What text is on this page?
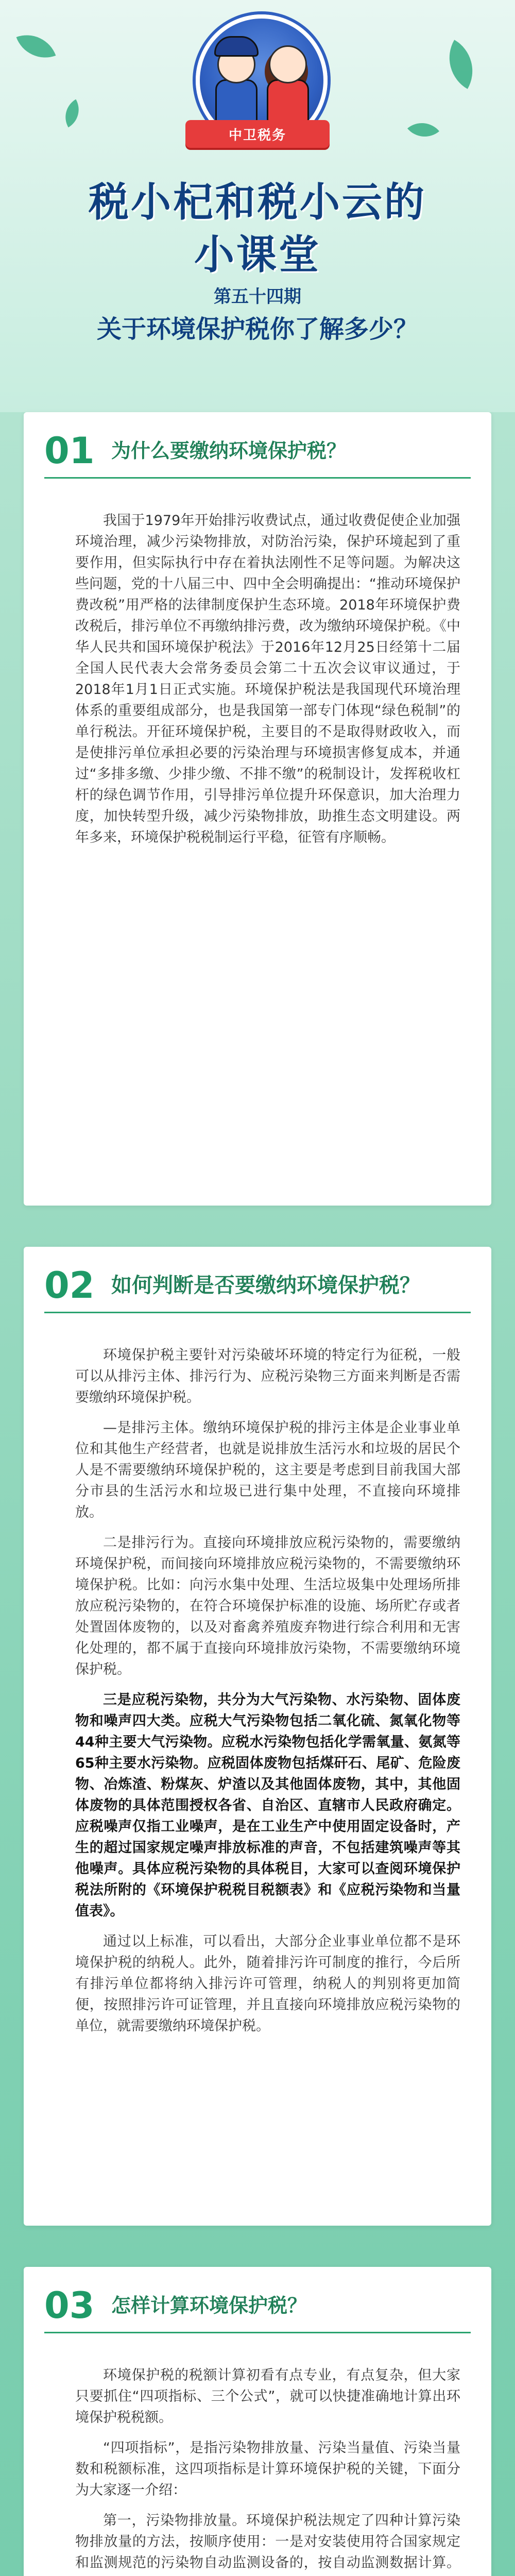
中卫税务
税小杞和税小云的
小课堂
第五十四期
关于环境保护税你了解多少？
01 为什么要缴纳环境保护税？

我国于1979年开始排污收费试点，通过收费促使企业加强环境治理，减少污染物排放，对防治污染，保护环境起到了重要作用，但实际执行中存在着执法刚性不足等问题。为解决这些问题，党的十八届三中、四中全会明确提出：“推动环境保护费改税”用严格的法律制度保护生态环境。2018年环境保护费改税后，排污单位不再缴纳排污费，改为缴纳环境保护税。《中华人民共和国环境保护税法》于2016年12月25日经第十二届全国人民代表大会常务委员会第二十五次会议审议通过，于2018年1月1日正式实施。环境保护税法是我国现代环境治理体系的重要组成部分，也是我国第一部专门体现“绿色税制”的单行税法。开征环境保护税，主要目的不是取得财政收入，而是使排污单位承担必要的污染治理与环境损害修复成本，并通过“多排多缴、少排少缴、不排不缴”的税制设计，发挥税收杠杆的绿色调节作用，引导排污单位提升环保意识，加大治理力度，加快转型升级，减少污染物排放，助推生态文明建设。两年多来，环境保护税税制运行平稳，征管有序顺畅。

02 如何判断是否要缴纳环境保护税？

环境保护税主要针对污染破坏环境的特定行为征税，一般可以从排污主体、排污行为、应税污染物三方面来判断是否需要缴纳环境保护税。

—是排污主体。缴纳环境保护税的排污主体是企业事业单位和其他生产经营者，也就是说排放生活污水和垃圾的居民个人是不需要缴纳环境保护税的，这主要是考虑到目前我国大部分市县的生活污水和垃圾已进行集中处理，不直接向环境排放。

二是排污行为。直接向环境排放应税污染物的，需要缴纳环境保护税，而间接向环境排放应税污染物的，不需要缴纳环境保护税。比如：向污水集中处理、生活垃圾集中处理场所排放应税污染物的，在符合环境保护标准的设施、场所贮存或者处置固体废物的，以及对畜禽养殖废弃物进行综合利用和无害化处理的，都不属于直接向环境排放污染物，不需要缴纳环境保护税。

三是应税污染物，共分为大气污染物、水污染物、固体废物和噪声四大类。应税大气污染物包括二氧化硫、氮氧化物等44种主要大气污染物。应税水污染物包括化学需氧量、氨氮等65种主要水污染物。应税固体废物包括煤矸石、尾矿、危险废物、冶炼渣、粉煤灰、炉渣以及其他固体废物，其中，其他固体废物的具体范围授权各省、自治区、直辖市人民政府确定。应税噪声仅指工业噪声，是在工业生产中使用固定设备时，产生的超过国家规定噪声排放标准的声音，不包括建筑噪声等其他噪声。具体应税污染物的具体税目，大家可以查阅环境保护税法所附的《环境保护税税目税额表》和《应税污染物和当量值表》。

通过以上标准，可以看出，大部分企业事业单位都不是环境保护税的纳税人。此外，随着排污许可制度的推行，今后所有排污单位都将纳入排污许可管理，纳税人的判别将更加简便，按照排污许可证管理，并且直接向环境排放应税污染物的单位，就需要缴纳环境保护税。

03 怎样计算环境保护税？

环境保护税的税额计算初看有点专业，有点复杂，但大家只要抓住“四项指标、三个公式”，就可以快捷准确地计算出环境保护税税额。

“四项指标”，是指污染物排放量、污染当量值、污染当量数和税额标准，这四项指标是计算环境保护税的关键，下面分为大家逐一介绍：

第一，污染物排放量。环境保护税法规定了四种计算污染物排放量的方法，按顺序使用：一是对安装使用符合国家规定和监测规范的污染物自动监测设备的，按自动监测数据计算。
